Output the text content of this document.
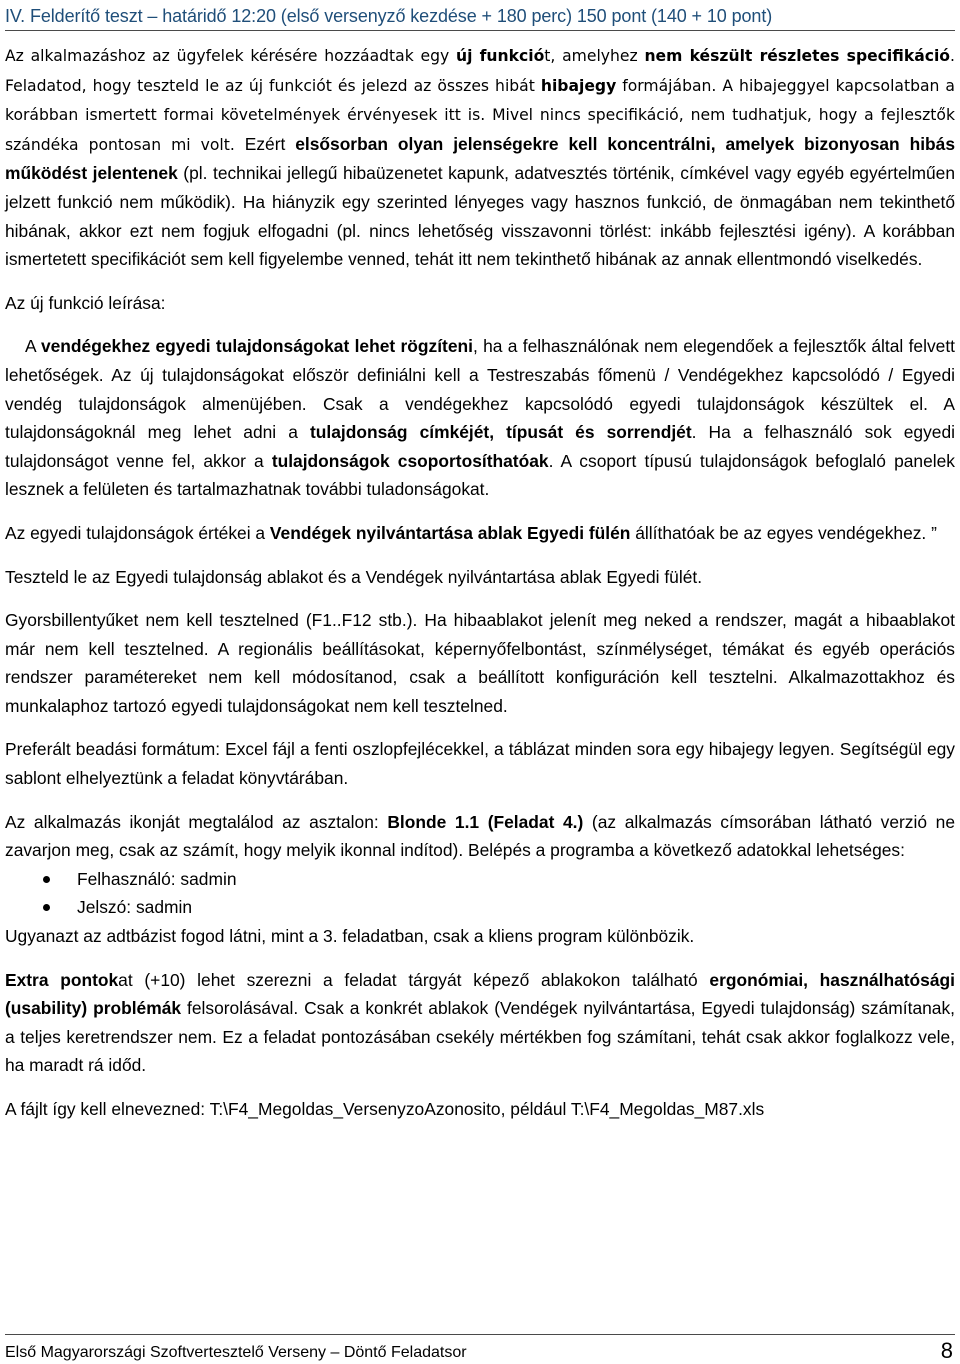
IV. Felderítő teszt – határidő 12:20 (első versenyző kezdése + 180 perc) 150 pont (140 + 10 pont)

Az alkalmazáshoz az ügyfelek kérésére hozzáadtak egy új funkciót, amelyhez nem készült részletes specifikáció. Feladatod, hogy teszteld le az új funkciót és jelezd az összes hibát hibajegy formájában. A hibajeggyel kapcsolatban a korábban ismertett formai követelmények érvényesek itt is. Mivel nincs specifikáció, nem tudhatjuk, hogy a fejlesztők szándéka pontosan mi volt. Ezért elsősorban olyan jelenségekre kell koncentrálni, amelyek bizonyosan hibás működést jelentenek (pl. technikai jellegű hibaüzenetet kapunk, adatvesztés történik, címkével vagy egyéb egyértelműen jelzett funkció nem működik). Ha hiányzik egy szerinted lényeges vagy hasznos funkció, de önmagában nem tekinthető hibának, akkor ezt nem fogjuk elfogadni (pl. nincs lehetőség visszavonni törlést: inkább fejlesztési igény). A korábban ismertetett specifikációt sem kell figyelembe venned, tehát itt nem tekinthető hibának az annak ellentmondó viselkedés.

Az új funkció leírása:

A vendégekhez egyedi tulajdonságokat lehet rögzíteni, ha a felhasználónak nem elegendőek a fejlesztők által felvett lehetőségek. Az új tulajdonságokat először definiálni kell a Testreszabás főmenü / Vendégekhez kapcsolódó / Egyedi vendég tulajdonságok almenüjében. Csak a vendégekhez kapcsolódó egyedi tulajdonságok készültek el. A tulajdonságoknál meg lehet adni a tulajdonság címkéjét, típusát és sorrendjét. Ha a felhasználó sok egyedi tulajdonságot venne fel, akkor a tulajdonságok csoportosíthatóak. A csoport típusú tulajdonságok befoglaló panelek lesznek a felületen és tartalmazhatnak további tuladonságokat.

Az egyedi tulajdonságok értékei a Vendégek nyilvántartása ablak Egyedi fülén állíthatóak be az egyes vendégekhez. ”

Teszteld le az Egyedi tulajdonság ablakot és a Vendégek nyilvántartása ablak Egyedi fülét.

Gyorsbillentyűket nem kell tesztelned (F1..F12 stb.). Ha hibaablakot jelenít meg neked a rendszer, magát a hibaablakot már nem kell tesztelned. A regionális beállításokat, képernyőfelbontást, színmélységet, témákat és egyéb operációs rendszer paramétereket nem kell módosítanod, csak a beállított konfiguráción kell tesztelni. Alkalmazottakhoz és munkalaphoz tartozó egyedi tulajdonságokat nem kell tesztelned.

Preferált beadási formátum: Excel fájl a fenti oszlopfejlécekkel, a táblázat minden sora egy hibajegy legyen. Segítségül egy sablont elhelyeztünk a feladat könyvtárában.

Az alkalmazás ikonját megtalálod az asztalon: Blonde 1.1 (Feladat 4.) (az alkalmazás címsorában látható verzió ne zavarjon meg, csak az számít, hogy melyik ikonnal indítod). Belépés a programba a következő adatokkal lehetséges:

Felhasználó: sadmin
Jelszó: sadmin

Ugyanazt az adtbázist fogod látni, mint a 3. feladatban, csak a kliens program különbözik.

Extra pontokat (+10) lehet szerezni a feladat tárgyát képező ablakokon található ergonómiai, használhatósági (usability) problémák felsorolásával. Csak a konkrét ablakok (Vendégek nyilvántartása, Egyedi tulajdonság) számítanak, a teljes keretrendszer nem. Ez a feladat pontozásában csekély mértékben fog számítani, tehát csak akkor foglalkozz vele, ha maradt rá időd.

A fájlt így kell elnevezned: T:\F4_Megoldas_VersenyzoAzonosito, például T:\F4_Megoldas_M87.xls

Első Magyarországi Szoftvertesztelő Verseny – Döntő Feladatsor	8
